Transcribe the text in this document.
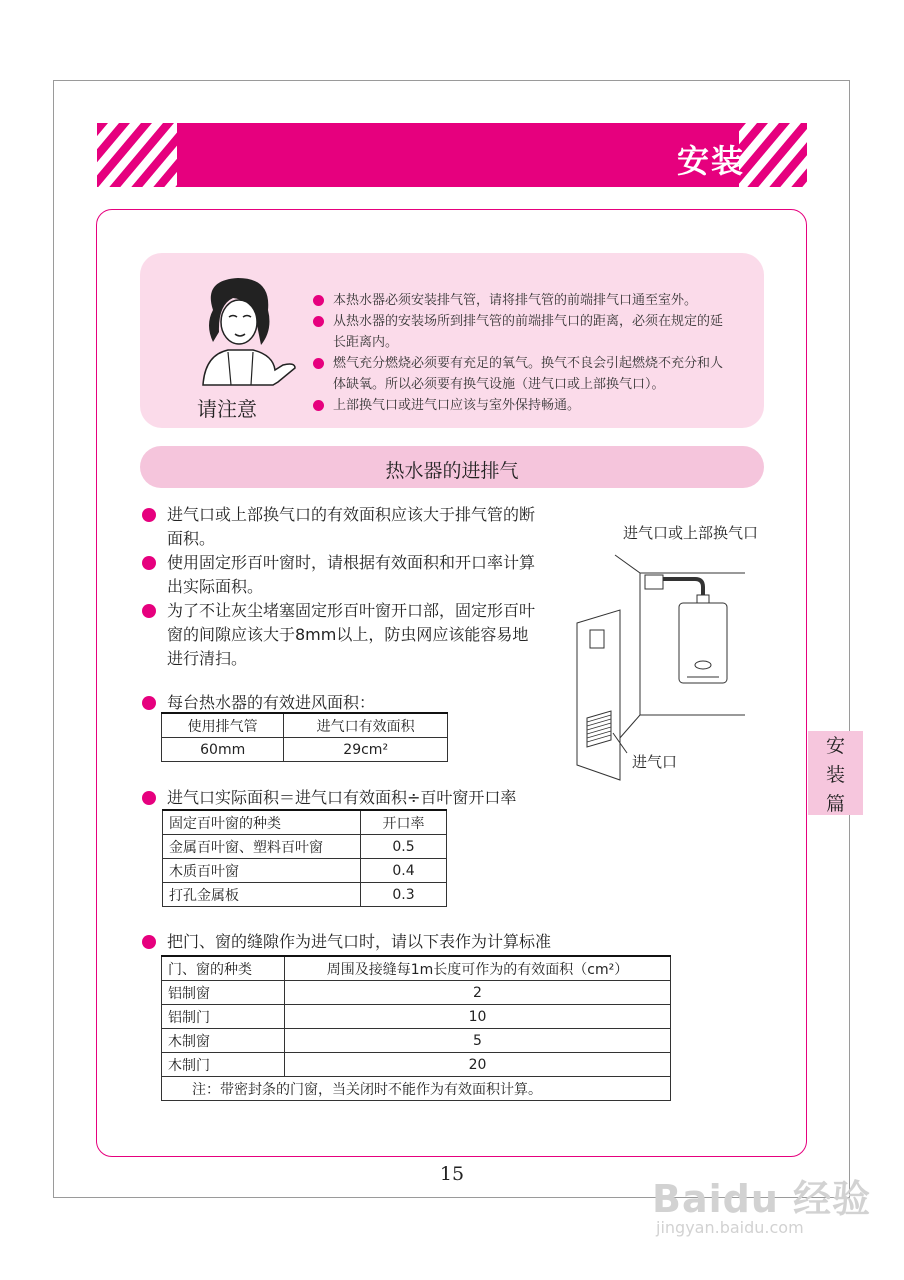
安装
请注意
本热水器必须安装排气管，请将排气管的前端排气口通至室外。
从热水器的安装场所到排气管的前端排气口的距离，必须在规定的延长距离内。
燃气充分燃烧必须要有充足的氧气。换气不良会引起燃烧不充分和人体缺氧。所以必须要有换气设施（进气口或上部换气口）。
上部换气口或进气口应该与室外保持畅通。
热水器的进排气
进气口或上部换气口的有效面积应该大于排气管的断面积。
使用固定形百叶窗时，请根据有效面积和开口率计算出实际面积。
为了不让灰尘堵塞固定形百叶窗开口部，固定形百叶窗的间隙应该大于8mm以上，防虫网应该能容易地进行清扫。
进气口或上部换气口
进气口
每台热水器的有效进风面积：
使用排气管	进气口有效面积
60mm	29cm²
进气口实际面积＝进气口有效面积÷百叶窗开口率
固定百叶窗的种类	开口率
金属百叶窗、塑料百叶窗	0.5
木质百叶窗	0.4
打孔金属板	0.3
把门、窗的缝隙作为进气口时，请以下表作为计算标准
门、窗的种类	周围及接缝每1m长度可作为的有效面积（cm²）
铝制窗	2
铝制门	10
木制窗	5
木制门	20
注：带密封条的门窗，当关闭时不能作为有效面积计算。	
安
装
篇
15
Baidu 经验
jingyan.baidu.com
